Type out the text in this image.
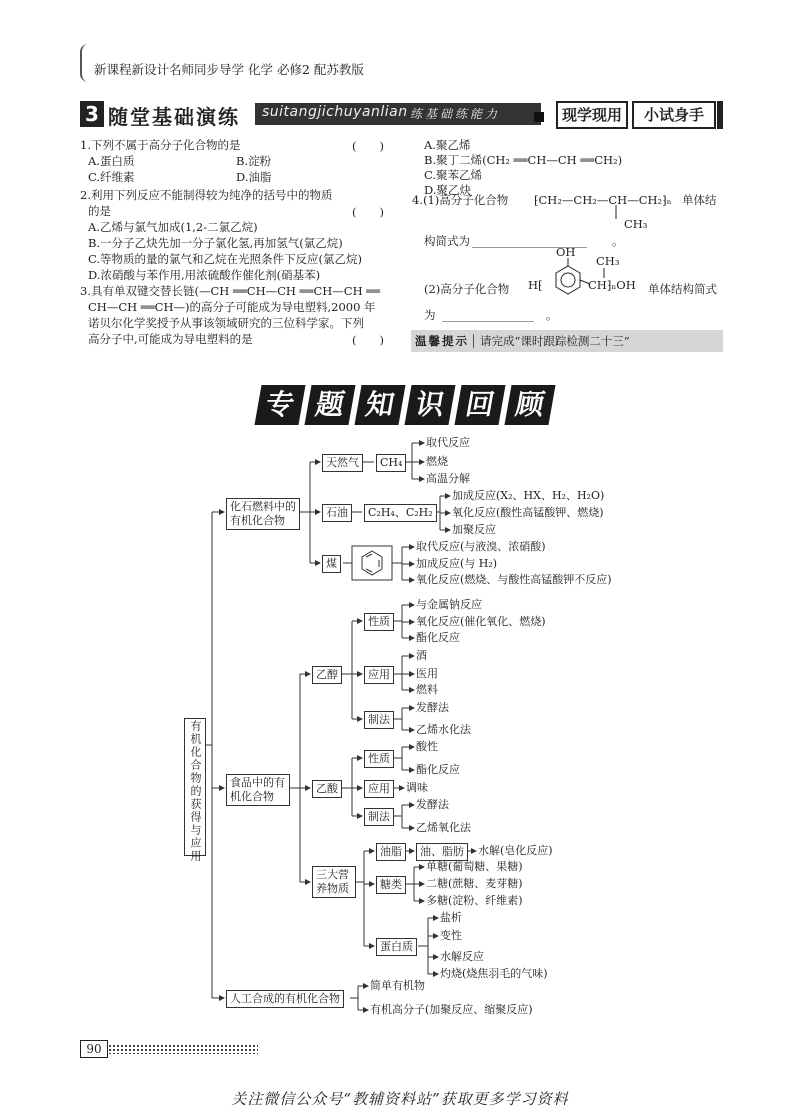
新课程新设计名师同步导学 化学 必修2 配苏教版
3 随堂基础演练 suitangjichuyanlian 练基础练能力	现学现用	小试身手
1.下列不属于高分子化合物的是	(　　)
A.蛋白质	B.淀粉
C.纤维素	D.油脂
2.利用下列反应不能制得较为纯净的括号中的物质
的是	(　　)
A.乙烯与氯气加成(1,2-二氯乙烷)
B.一分子乙炔先加一分子氯化氢,再加氢气(氯乙烷)
C.等物质的量的氯气和乙烷在光照条件下反应(氯乙烷)
D.浓硝酸与苯作用,用浓硫酸作催化剂(硝基苯)
3.具有单双键交替长链(—CH ══CH—CH ══CH—CH ══
CH—CH ══CH—)的高分子可能成为导电塑料,2000 年
诺贝尔化学奖授予从事该领域研究的三位科学家。下列
高分子中,可能成为导电塑料的是	(　　)
A.聚乙烯
B.聚丁二烯(CH₂ ══CH—CH ══CH₂)
C.聚苯乙烯
D.聚乙炔
4.(1)高分子化合物 ⁅CH₂—CH₂—CH—CH₂⁆ₙ 单体结
CH₃
构简式为 ____________________ 。
OH
CH₃
(2)高分子化合物 H⁅	CH⁆ₙOH 单体结构简式
为 ________________ 。
温馨提示 请完成“课时跟踪检测二十三”
专 题 知 识 回 顾
有机化合物的获得与应用
化石燃料中的有机化合物
天然气	CH₄
取代反应
燃烧
高温分解
石油	C₂H₄、C₂H₂
加成反应(X₂、HX、H₂、H₂O)
氧化反应(酸性高锰酸钾、燃烧)
加聚反应
煤
取代反应(与液溴、浓硝酸)
加成反应(与 H₂)
氧化反应(燃烧、与酸性高锰酸钾不反应)
食品中的有机化合物
乙醇
性质
与金属钠反应
氧化反应(催化氧化、燃烧)
酯化反应
应用
酒
医用
燃料
制法
发酵法
乙烯水化法
乙酸
性质
酸性
酯化反应
应用	调味
制法
发酵法
乙烯氧化法
三大营养物质
油脂	油、脂肪	水解(皂化反应)
糖类
单糖(葡萄糖、果糖)
二糖(蔗糖、麦芽糖)
多糖(淀粉、纤维素)
蛋白质
盐析
变性
水解反应
灼烧(烧焦羽毛的气味)
人工合成的有机化合物
简单有机物
有机高分子(加聚反应、缩聚反应)
90
关注微信公众号“教辅资料站”获取更多学习资料
